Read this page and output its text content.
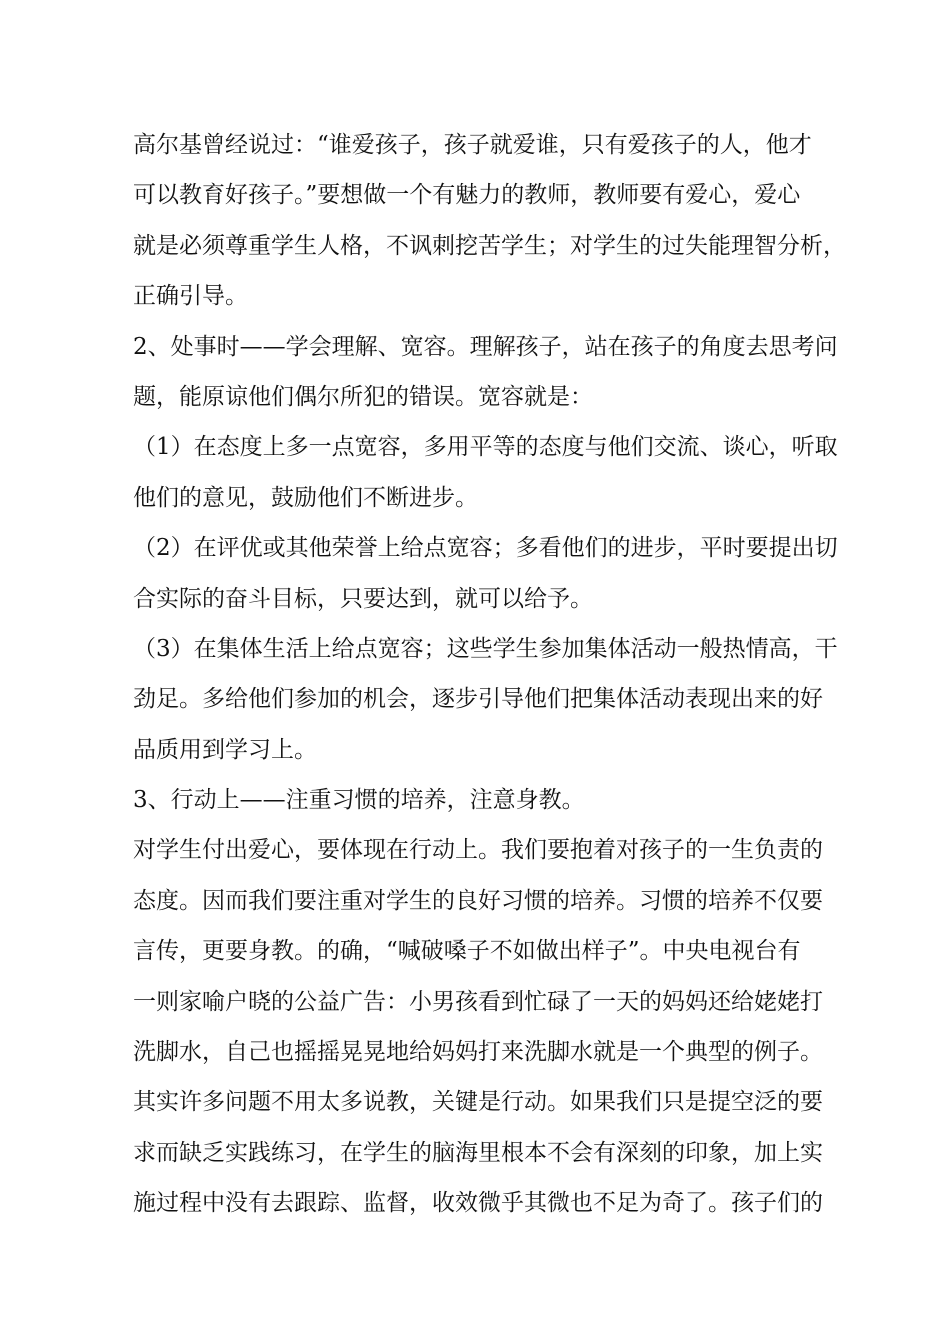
高尔基曾经说过：“谁爱孩子，孩子就爱谁，只有爱孩子的人，他才
可以教育好孩子。”要想做一个有魅力的教师，教师要有爱心，爱心
就是必须尊重学生人格，不讽刺挖苦学生；对学生的过失能理智分析，
正确引导。
2、处事时——学会理解、宽容。理解孩子，站在孩子的角度去思考问
题，能原谅他们偶尔所犯的错误。宽容就是：
（1）在态度上多一点宽容，多用平等的态度与他们交流、谈心，听取
他们的意见，鼓励他们不断进步。
（2）在评优或其他荣誉上给点宽容；多看他们的进步，平时要提出切
合实际的奋斗目标，只要达到，就可以给予。
（3）在集体生活上给点宽容；这些学生参加集体活动一般热情高，干
劲足。多给他们参加的机会，逐步引导他们把集体活动表现出来的好
品质用到学习上。
3、行动上——注重习惯的培养，注意身教。
对学生付出爱心，要体现在行动上。我们要抱着对孩子的一生负责的
态度。因而我们要注重对学生的良好习惯的培养。习惯的培养不仅要
言传，更要身教。的确，“喊破嗓子不如做出样子”。中央电视台有
一则家喻户晓的公益广告：小男孩看到忙碌了一天的妈妈还给姥姥打
洗脚水，自己也摇摇晃晃地给妈妈打来洗脚水就是一个典型的例子。
其实许多问题不用太多说教，关键是行动。如果我们只是提空泛的要
求而缺乏实践练习，在学生的脑海里根本不会有深刻的印象，加上实
施过程中没有去跟踪、监督，收效微乎其微也不足为奇了。孩子们的
